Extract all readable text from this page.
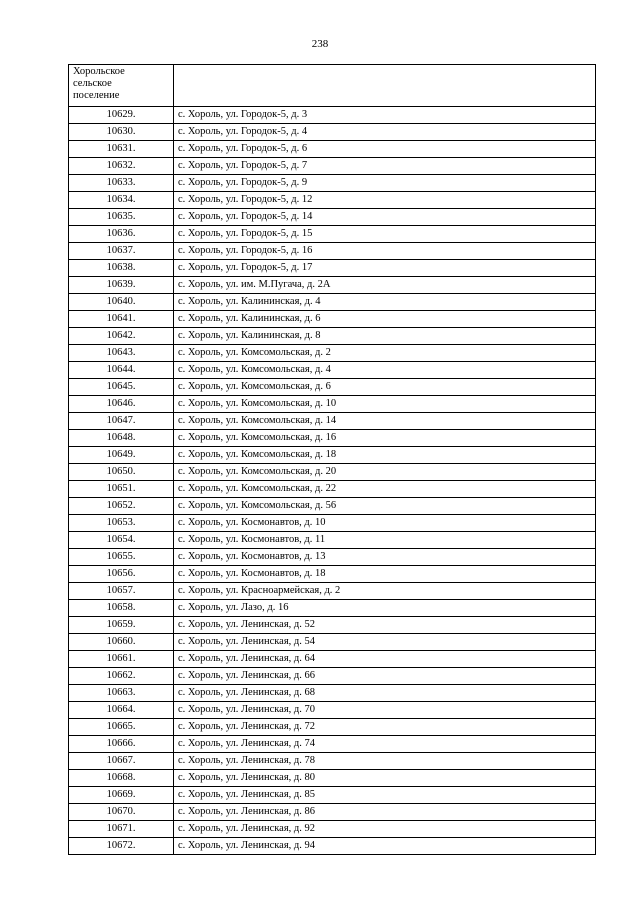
238
Хорольское сельское поселение	

10629.	с. Хороль, ул. Городок-5, д. 3
10630.	с. Хороль, ул. Городок-5, д. 4
10631.	с. Хороль, ул. Городок-5, д. 6
10632.	с. Хороль, ул. Городок-5, д. 7
10633.	с. Хороль, ул. Городок-5, д. 9
10634.	с. Хороль, ул. Городок-5, д. 12
10635.	с. Хороль, ул. Городок-5, д. 14
10636.	с. Хороль, ул. Городок-5, д. 15
10637.	с. Хороль, ул. Городок-5, д. 16
10638.	с. Хороль, ул. Городок-5, д. 17
10639.	с. Хороль, ул. им. М.Пугача, д. 2А
10640.	с. Хороль, ул. Калининская, д. 4
10641.	с. Хороль, ул. Калининская, д. 6
10642.	с. Хороль, ул. Калининская, д. 8
10643.	с. Хороль, ул. Комсомольская, д. 2
10644.	с. Хороль, ул. Комсомольская, д. 4
10645.	с. Хороль, ул. Комсомольская, д. 6
10646.	с. Хороль, ул. Комсомольская, д. 10
10647.	с. Хороль, ул. Комсомольская, д. 14
10648.	с. Хороль, ул. Комсомольская, д. 16
10649.	с. Хороль, ул. Комсомольская, д. 18
10650.	с. Хороль, ул. Комсомольская, д. 20
10651.	с. Хороль, ул. Комсомольская, д. 22
10652.	с. Хороль, ул. Комсомольская, д. 56
10653.	с. Хороль, ул. Космонавтов, д. 10
10654.	с. Хороль, ул. Космонавтов, д. 11
10655.	с. Хороль, ул. Космонавтов, д. 13
10656.	с. Хороль, ул. Космонавтов, д. 18
10657.	с. Хороль, ул. Красноармейская, д. 2
10658.	с. Хороль, ул. Лазо, д. 16
10659.	с. Хороль, ул. Ленинская, д. 52
10660.	с. Хороль, ул. Ленинская, д. 54
10661.	с. Хороль, ул. Ленинская, д. 64
10662.	с. Хороль, ул. Ленинская, д. 66
10663.	с. Хороль, ул. Ленинская, д. 68
10664.	с. Хороль, ул. Ленинская, д. 70
10665.	с. Хороль, ул. Ленинская, д. 72
10666.	с. Хороль, ул. Ленинская, д. 74
10667.	с. Хороль, ул. Ленинская, д. 78
10668.	с. Хороль, ул. Ленинская, д. 80
10669.	с. Хороль, ул. Ленинская, д. 85
10670.	с. Хороль, ул. Ленинская, д. 86
10671.	с. Хороль, ул. Ленинская, д. 92
10672.	с. Хороль, ул. Ленинская, д. 94
